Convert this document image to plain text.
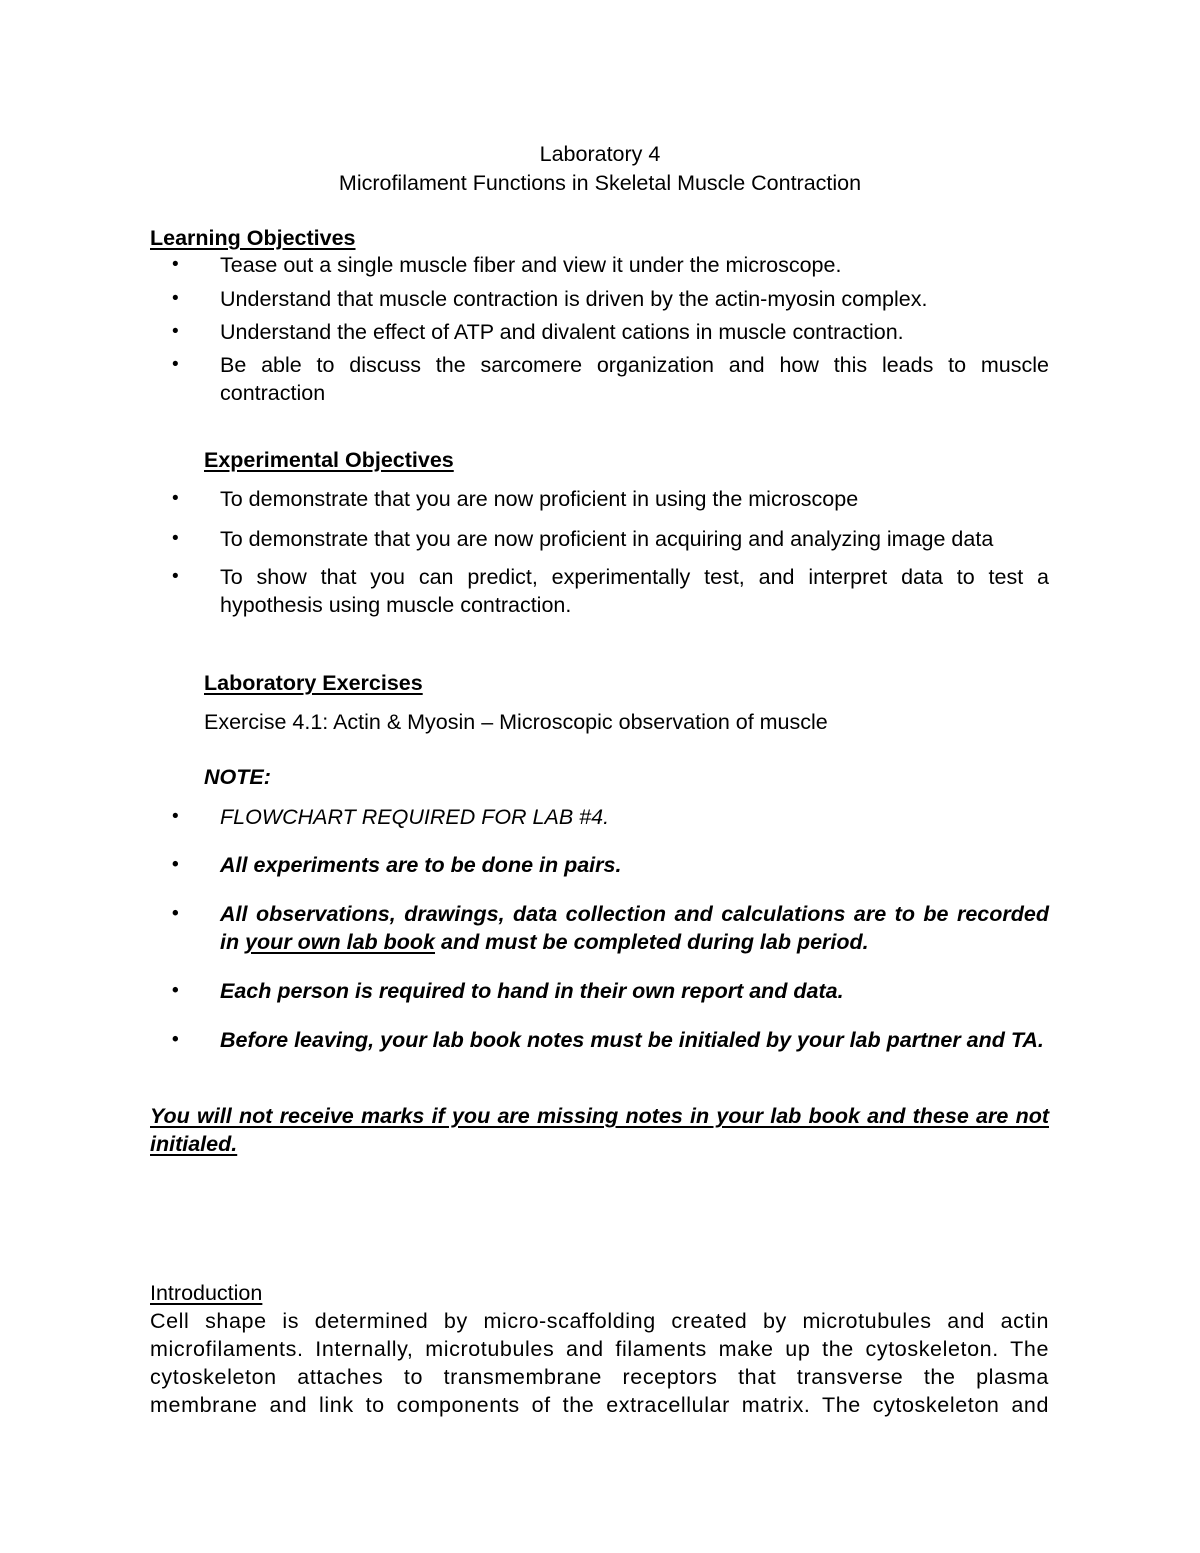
Laboratory 4
Microfilament Functions in Skeletal Muscle Contraction
Learning Objectives
• Tease out a single muscle fiber and view it under the microscope.
• Understand that muscle contraction is driven by the actin-myosin complex.
• Understand the effect of ATP and divalent cations in muscle contraction.
• Be able to discuss the sarcomere organization and how this leads to muscle contraction
Experimental Objectives
• To demonstrate that you are now proficient in using the microscope
• To demonstrate that you are now proficient in acquiring and analyzing image data
• To show that you can predict, experimentally test, and interpret data to test a hypothesis using muscle contraction.
Laboratory Exercises
Exercise 4.1: Actin & Myosin – Microscopic observation of muscle
NOTE:
• FLOWCHART REQUIRED FOR LAB #4.
• All experiments are to be done in pairs.
• All observations, drawings, data collection and calculations are to be recorded in your own lab book and must be completed during lab period.
• Each person is required to hand in their own report and data.
• Before leaving, your lab book notes must be initialed by your lab partner and TA.
You will not receive marks if you are missing notes in your lab book and these are not initialed.
Introduction
Cell shape is determined by micro-scaffolding created by microtubules and actin microfilaments. Internally, microtubules and filaments make up the cytoskeleton. The cytoskeleton attaches to transmembrane receptors that transverse the plasma membrane and link to components of the extracellular matrix. The cytoskeleton and
